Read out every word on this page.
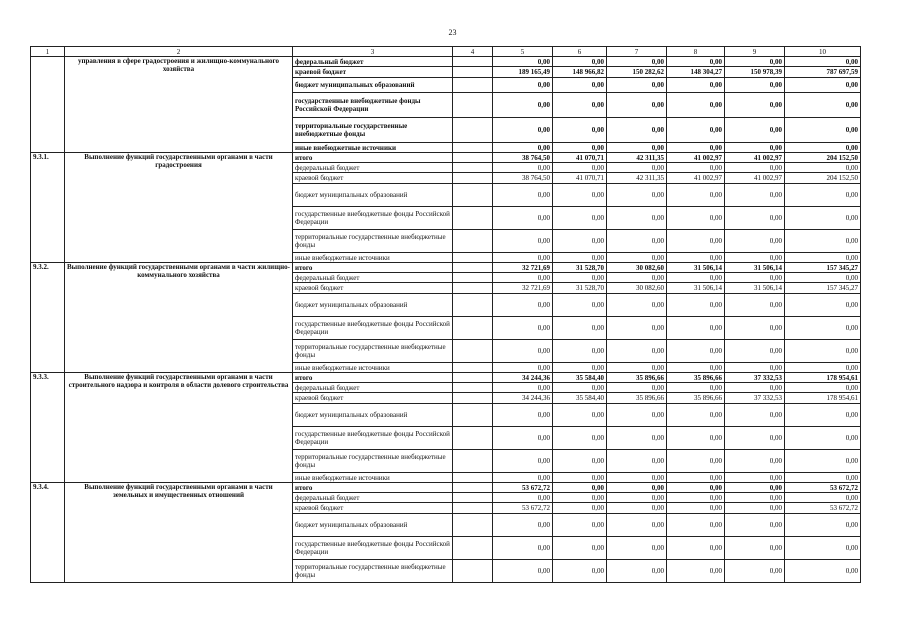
23
1	2	3	4	5	6	7	8	9	10
	управления в сфере градостроения и жилищно-коммунального хозяйства	федеральный бюджет		0,00	0,00	0,00	0,00	0,00	0,00
		краевой бюджет		189 165,49	148 966,82	150 282,62	148 304,27	150 978,39	787 697,59
		бюджет муниципальных образований		0,00	0,00	0,00	0,00	0,00	0,00
		государственные внебюджетные фонды Российской Федерации		0,00	0,00	0,00	0,00	0,00	0,00
		территориальные государственные внебюджетные фонды		0,00	0,00	0,00	0,00	0,00	0,00
		иные внебюджетные источники		0,00	0,00	0,00	0,00	0,00	0,00
9.3.1.	Выполнение функций государственными органами в части градостроения	итого		38 764,50	41 070,71	42 311,35	41 002,97	41 002,97	204 152,50
		федеральный бюджет		0,00	0,00	0,00	0,00	0,00	0,00
		краевой бюджет		38 764,50	41 070,71	42 311,35	41 002,97	41 002,97	204 152,50
		бюджет муниципальных образований		0,00	0,00	0,00	0,00	0,00	0,00
		государственные внебюджетные фонды Российской Федерации		0,00	0,00	0,00	0,00	0,00	0,00
		территориальные государственные внебюджетные фонды		0,00	0,00	0,00	0,00	0,00	0,00
		иные внебюджетные источники		0,00	0,00	0,00	0,00	0,00	0,00
9.3.2.	Выполнение функций государственными органами в части жилищно-коммунального хозяйства	итого		32 721,69	31 528,70	30 082,60	31 506,14	31 506,14	157 345,27
		федеральный бюджет		0,00	0,00	0,00	0,00	0,00	0,00
		краевой бюджет		32 721,69	31 528,70	30 082,60	31 506,14	31 506,14	157 345,27
		бюджет муниципальных образований		0,00	0,00	0,00	0,00	0,00	0,00
		государственные внебюджетные фонды Российской Федерации		0,00	0,00	0,00	0,00	0,00	0,00
		территориальные государственные внебюджетные фонды		0,00	0,00	0,00	0,00	0,00	0,00
		иные внебюджетные источники		0,00	0,00	0,00	0,00	0,00	0,00
9.3.3.	Выполнение функций государственными органами в части строительного надзора и контроля в области долевого строительства	итого		34 244,36	35 584,40	35 896,66	35 896,66	37 332,53	178 954,61
		федеральный бюджет		0,00	0,00	0,00	0,00	0,00	0,00
		краевой бюджет		34 244,36	35 584,40	35 896,66	35 896,66	37 332,53	178 954,61
		бюджет муниципальных образований		0,00	0,00	0,00	0,00	0,00	0,00
		государственные внебюджетные фонды Российской Федерации		0,00	0,00	0,00	0,00	0,00	0,00
		территориальные государственные внебюджетные фонды		0,00	0,00	0,00	0,00	0,00	0,00
		иные внебюджетные источники		0,00	0,00	0,00	0,00	0,00	0,00
9.3.4.	Выполнение функций государственными органами в части земельных и имущественных отношений	итого		53 672,72	0,00	0,00	0,00	0,00	53 672,72
		федеральный бюджет		0,00	0,00	0,00	0,00	0,00	0,00
		краевой бюджет		53 672,72	0,00	0,00	0,00	0,00	53 672,72
		бюджет муниципальных образований		0,00	0,00	0,00	0,00	0,00	0,00
		государственные внебюджетные фонды Российской Федерации		0,00	0,00	0,00	0,00	0,00	0,00
		территориальные государственные внебюджетные фонды		0,00	0,00	0,00	0,00	0,00	0,00
